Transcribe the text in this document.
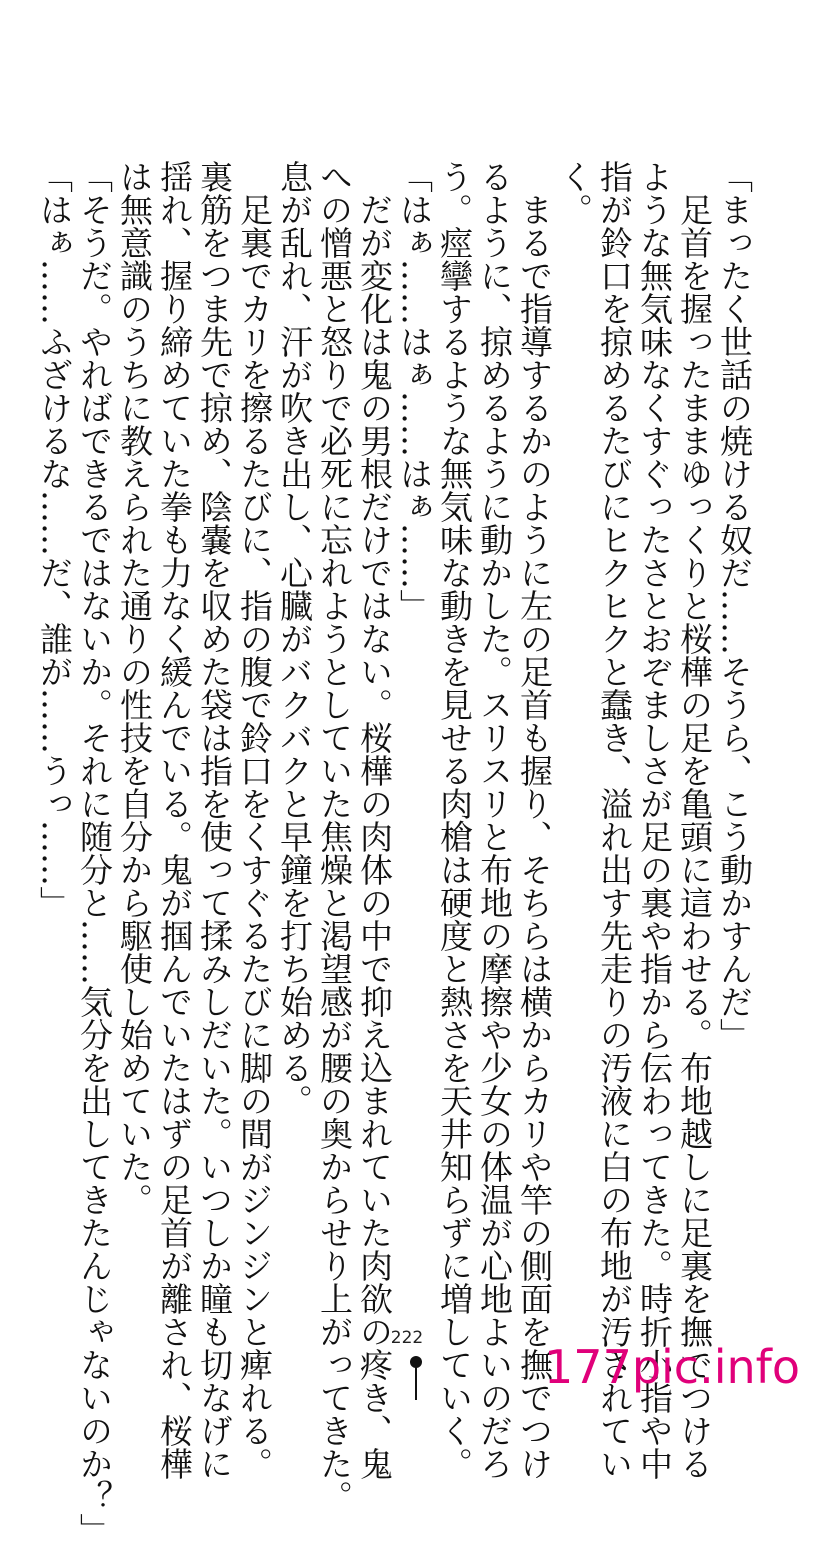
「まったく世話の焼ける奴だ……そうら、こう動かすんだ」
　足首を握ったままゆっくりと桜樺の足を亀頭に這わせる。布地越しに足裏を撫でつける
ような無気味なくすぐったさとおぞましさが足の裏や指から伝わってきた。時折小指や中
指が鈴口を掠めるたびにヒクヒクと蠢き、溢れ出す先走りの汚液に白の布地が汚されてい
く。
　まるで指導するかのように左の足首も握り、そちらは横からカリや竿の側面を撫でつけ
るように、掠めるように動かした。スリスリと布地の摩擦や少女の体温が心地よいのだろ
う。痙攣するような無気味な動きを見せる肉槍は硬度と熱さを天井知らずに増していく。
「はぁ……はぁ……はぁ……」
　だが変化は鬼の男根だけではない。桜樺の肉体の中で抑え込まれていた肉欲の疼き、鬼
への憎悪と怒りで必死に忘れようとしていた焦燥と渇望感が腰の奥からせり上がってきた。
息が乱れ、汗が吹き出し、心臓がバクバクと早鐘を打ち始める。
　足裏でカリを擦るたびに、指の腹で鈴口をくすぐるたびに脚の間がジンジンと痺れる。
裏筋をつま先で掠め、陰嚢を収めた袋は指を使って揉みしだいた。いつしか瞳も切なげに
揺れ、握り締めていた拳も力なく緩んでいる。鬼が掴んでいたはずの足首が離され、桜樺
は無意識のうちに教えられた通りの性技を自分から駆使し始めていた。
「そうだ。やればできるではないか。それに随分と……気分を出してきたんじゃないのか？」
「はぁ……ふざけるな……だ、誰が……うっ……」
222
177pic.info
